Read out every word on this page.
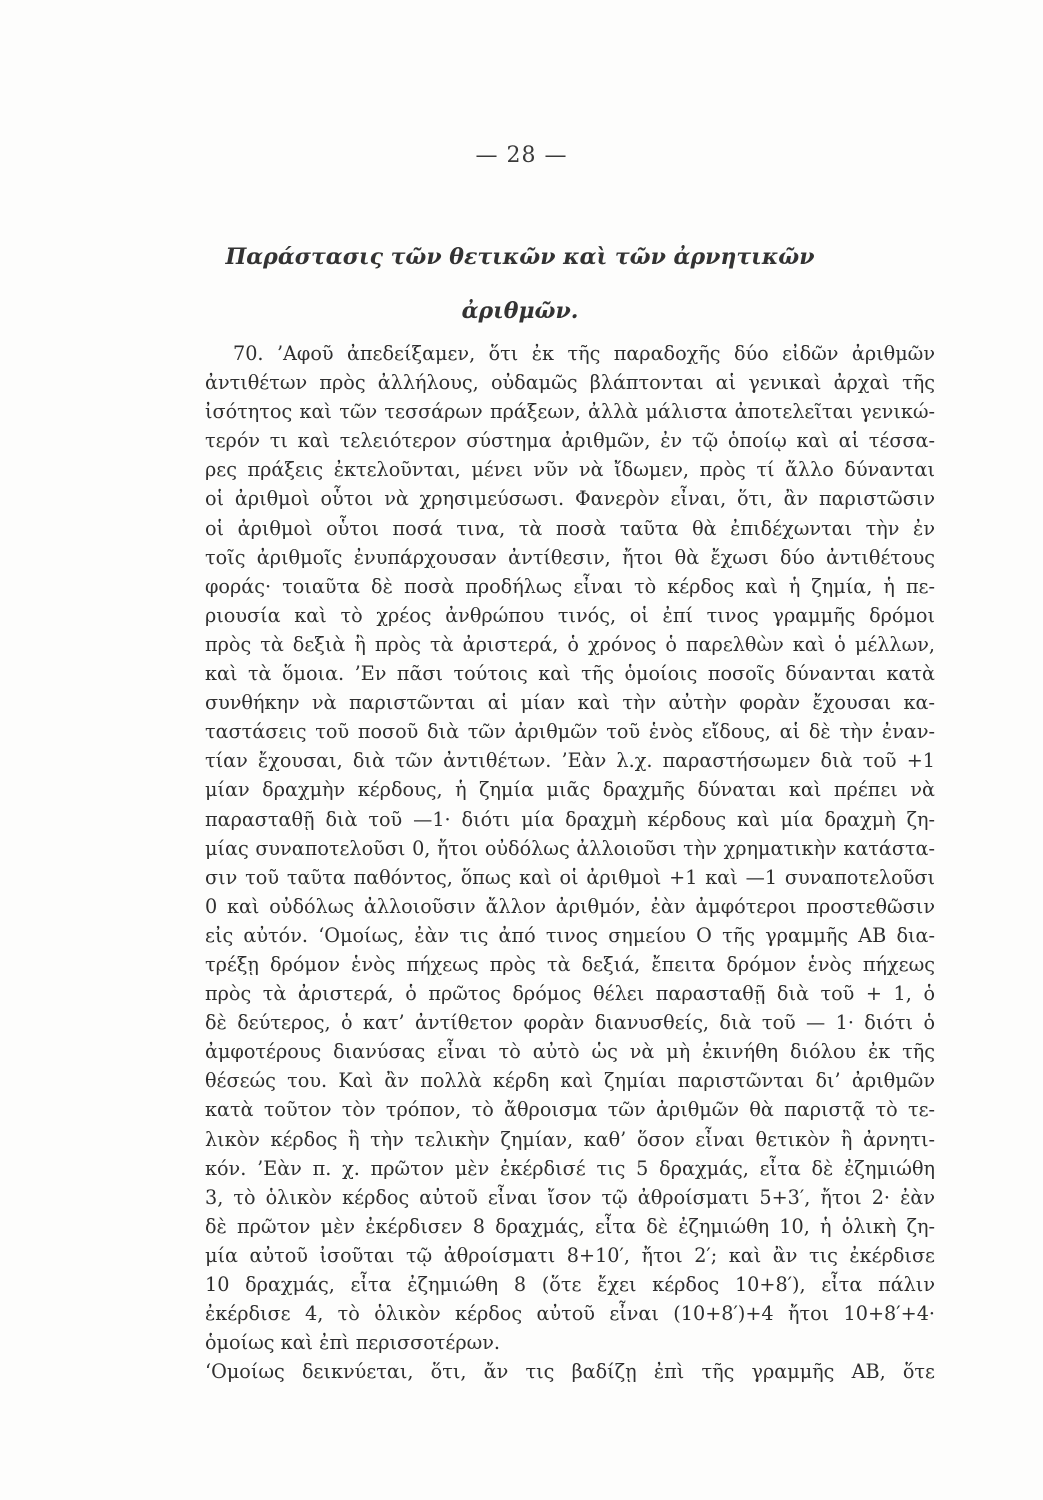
— 28 —
Παράστασις τῶν θετικῶν καὶ τῶν ἀρνητικῶν
ἀριθμῶν.
70. ’Αφοῦ ἀπεδείξαμεν, ὅτι ἐκ τῆς παραδοχῆς δύο εἰδῶν ἀριθμῶν
ἀντιθέτων πρὸς ἀλλήλους, οὐδαμῶς βλάπτονται αἱ γενικαὶ ἀρχαὶ τῆς
ἰσότητος καὶ τῶν τεσσάρων πράξεων, ἀλλὰ μάλιστα ἀποτελεῖται γενικώ-
τερόν τι καὶ τελειότερον σύστημα ἀριθμῶν, ἐν τῷ ὁποίῳ καὶ αἱ τέσσα-
ρες πράξεις ἐκτελοῦνται, μένει νῦν νὰ ἴδωμεν, πρὸς τί ἄλλο δύνανται
οἱ ἀριθμοὶ οὗτοι νὰ χρησιμεύσωσι. Φανερὸν εἶναι, ὅτι, ἂν παριστῶσιν
οἱ ἀριθμοὶ οὗτοι ποσά τινα, τὰ ποσὰ ταῦτα θὰ ἐπιδέχωνται τὴν ἐν
τοῖς ἀριθμοῖς ἐνυπάρχουσαν ἀντίθεσιν, ἤτοι θὰ ἔχωσι δύο ἀντιθέτους
φοράς· τοιαῦτα δὲ ποσὰ προδήλως εἶναι τὸ κέρδος καὶ ἡ ζημία, ἡ πε-
ριουσία καὶ τὸ χρέος ἀνθρώπου τινός, οἱ ἐπί τινος γραμμῆς δρόμοι
πρὸς τὰ δεξιὰ ἢ πρὸς τὰ ἀριστερά, ὁ χρόνος ὁ παρελθὼν καὶ ὁ μέλλων,
καὶ τὰ ὅμοια. ’Εν πᾶσι τούτοις καὶ τῆς ὁμοίοις ποσοῖς δύνανται κατὰ
συνθήκην νὰ παριστῶνται αἱ μίαν καὶ τὴν αὐτὴν φορὰν ἔχουσαι κα-
ταστάσεις τοῦ ποσοῦ διὰ τῶν ἀριθμῶν τοῦ ἑνὸς εἴδους, αἱ δὲ τὴν ἐναν-
τίαν ἔχουσαι, διὰ τῶν ἀντιθέτων. ’Εὰν λ.χ. παραστήσωμεν διὰ τοῦ +1
μίαν δραχμὴν κέρδους, ἡ ζημία μιᾶς δραχμῆς δύναται καὶ πρέπει νὰ
παρασταθῇ διὰ τοῦ —1· διότι μία δραχμὴ κέρδους καὶ μία δραχμὴ ζη-
μίας συναποτελοῦσι 0, ἤτοι οὐδόλως ἀλλοιοῦσι τὴν χρηματικὴν κατάστα-
σιν τοῦ ταῦτα παθόντος, ὅπως καὶ οἱ ἀριθμοὶ +1 καὶ —1 συναποτελοῦσι
0 καὶ οὐδόλως ἀλλοιοῦσιν ἄλλον ἀριθμόν, ἐὰν ἀμφότεροι προστεθῶσιν
εἰς αὐτόν. ‘Ομοίως, ἐὰν τις ἀπό τινος σημείου Ο τῆς γραμμῆς ΑΒ δια-
τρέξῃ δρόμον ἑνὸς πήχεως πρὸς τὰ δεξιά, ἔπειτα δρόμον ἑνὸς πήχεως
πρὸς τὰ ἀριστερά, ὁ πρῶτος δρόμος θέλει παρασταθῇ διὰ τοῦ + 1, ὁ
δὲ δεύτερος, ὁ κατ’ ἀντίθετον φορὰν διανυσθείς, διὰ τοῦ — 1· διότι ὁ
ἀμφοτέρους διανύσας εἶναι τὸ αὐτὸ ὡς νὰ μὴ ἐκινήθη διόλου ἐκ τῆς
θέσεώς του. Καὶ ἂν πολλὰ κέρδη καὶ ζημίαι παριστῶνται δι’ ἀριθμῶν
κατὰ τοῦτον τὸν τρόπον, τὸ ἄθροισμα τῶν ἀριθμῶν θὰ παριστᾷ τὸ τε-
λικὸν κέρδος ἢ τὴν τελικὴν ζημίαν, καθ’ ὅσον εἶναι θετικὸν ἢ ἀρνητι-
κόν. ’Εὰν π. χ. πρῶτον μὲν ἐκέρδισέ τις 5 δραχμάς, εἶτα δὲ ἐζημιώθη
3, τὸ ὁλικὸν κέρδος αὐτοῦ εἶναι ἴσον τῷ ἀθροίσματι 5+3′, ἤτοι 2· ἐὰν
δὲ πρῶτον μὲν ἐκέρδισεν 8 δραχμάς, εἶτα δὲ ἐζημιώθη 10, ἡ ὁλικὴ ζη-
μία αὐτοῦ ἰσοῦται τῷ ἀθροίσματι 8+10′, ἤτοι 2′; καὶ ἂν τις ἐκέρδισε
10 δραχμάς, εἶτα ἐζημιώθη 8 (ὅτε ἔχει κέρδος 10+8′), εἶτα πάλιν
ἐκέρδισε 4, τὸ ὁλικὸν κέρδος αὐτοῦ εἶναι (10+8′)+4 ἤτοι 10+8′+4·
ὁμοίως καὶ ἐπὶ περισσοτέρων.
‘Ομοίως δεικνύεται, ὅτι, ἄν τις βαδίζῃ ἐπὶ τῆς γραμμῆς ΑΒ, ὅτε
